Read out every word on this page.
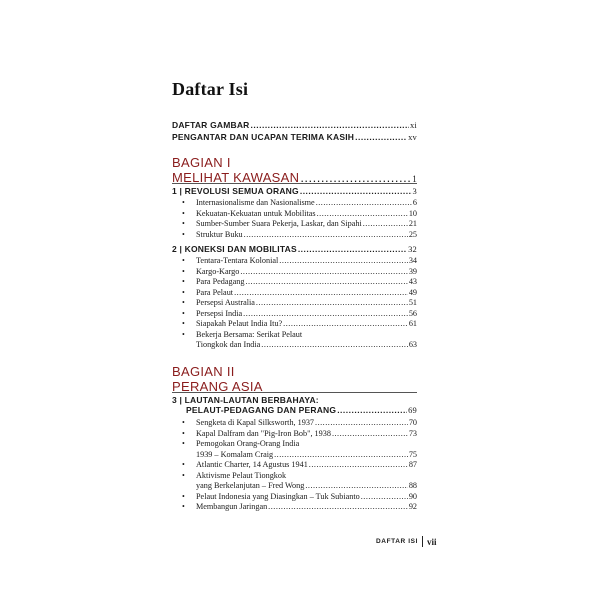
Daftar Isi
DAFTAR GAMBAR .....	xi
PENGANTAR DAN UCAPAN TERIMA KASIH .....	xv
BAGIAN I
MELIHAT KAWASAN .....	1
1 | REVOLUSI SEMUA ORANG .....	3
• Internasionalisme dan Nasionalisme .....	6
• Kekuatan-Kekuatan untuk Mobilitas .....	10
• Sumber-Sumber Suara Pekerja, Laskar, dan Sipahi .....	21
• Struktur Buku .....	25
2 | KONEKSI DAN MOBILITAS .....	32
• Tentara-Tentara Kolonial .....	34
• Kargo-Kargo .....	39
• Para Pedagang .....	43
• Para Pelaut .....	49
• Persepsi Australia .....	51
• Persepsi India .....	56
• Siapakah Pelaut India Itu? .....	61
• Bekerja Bersama: Serikat Pelaut
Tiongkok dan India .....	63
BAGIAN II
PERANG ASIA
3 | LAUTAN-LAUTAN BERBAHAYA:
PELAUT-PEDAGANG DAN PERANG .....	69
• Sengketa di Kapal Silksworth, 1937 .....	70
• Kapal Dalfram dan "Pig-Iron Bob", 1938 .....	73
• Pemogokan Orang-Orang India
1939 – Komalam Craig .....	75
• Atlantic Charter, 14 Agustus 1941 .....	87
• Aktivisme Pelaut Tiongkok
yang Berkelanjutan – Fred Wong .....	88
• Pelaut Indonesia yang Diasingkan – Tuk Subianto .....	90
• Membangun Jaringan .....	92
DAFTAR ISI vii
